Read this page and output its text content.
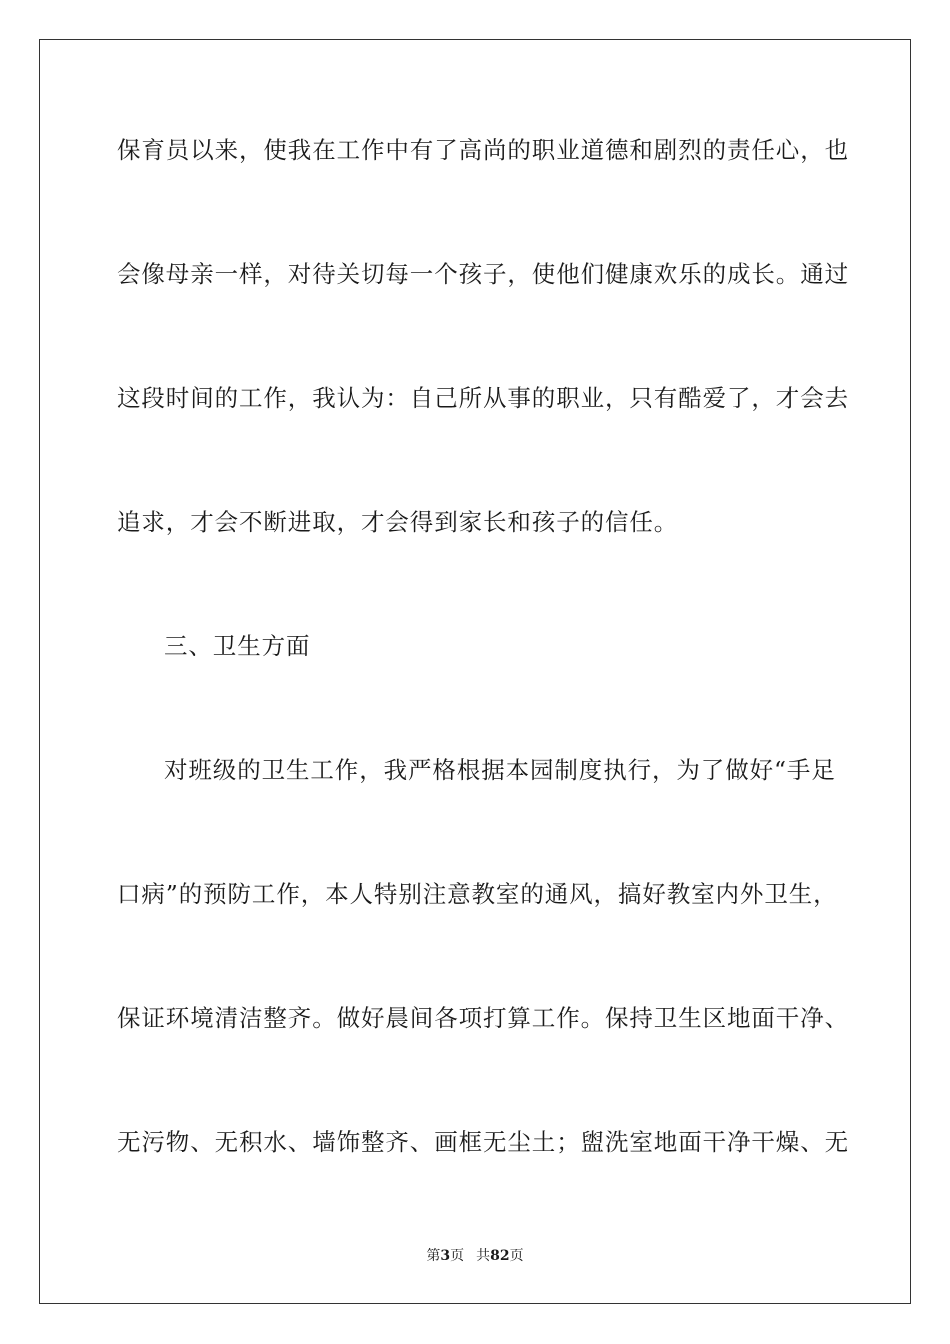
保育员以来，使我在工作中有了高尚的职业道德和剧烈的责任心，也
会像母亲一样，对待关切每一个孩子，使他们健康欢乐的成长。通过
这段时间的工作，我认为：自己所从事的职业，只有酷爱了，才会去
追求，才会不断进取，才会得到家长和孩子的信任。
三、卫生方面
对班级的卫生工作，我严格根据本园制度执行，为了做好“手足
口病”的预防工作，本人特别注意教室的通风，搞好教室内外卫生，
保证环境清洁整齐。做好晨间各项打算工作。保持卫生区地面干净、
无污物、无积水、墙饰整齐、画框无尘土；盥洗室地面干净干燥、无
第3页 共82页
